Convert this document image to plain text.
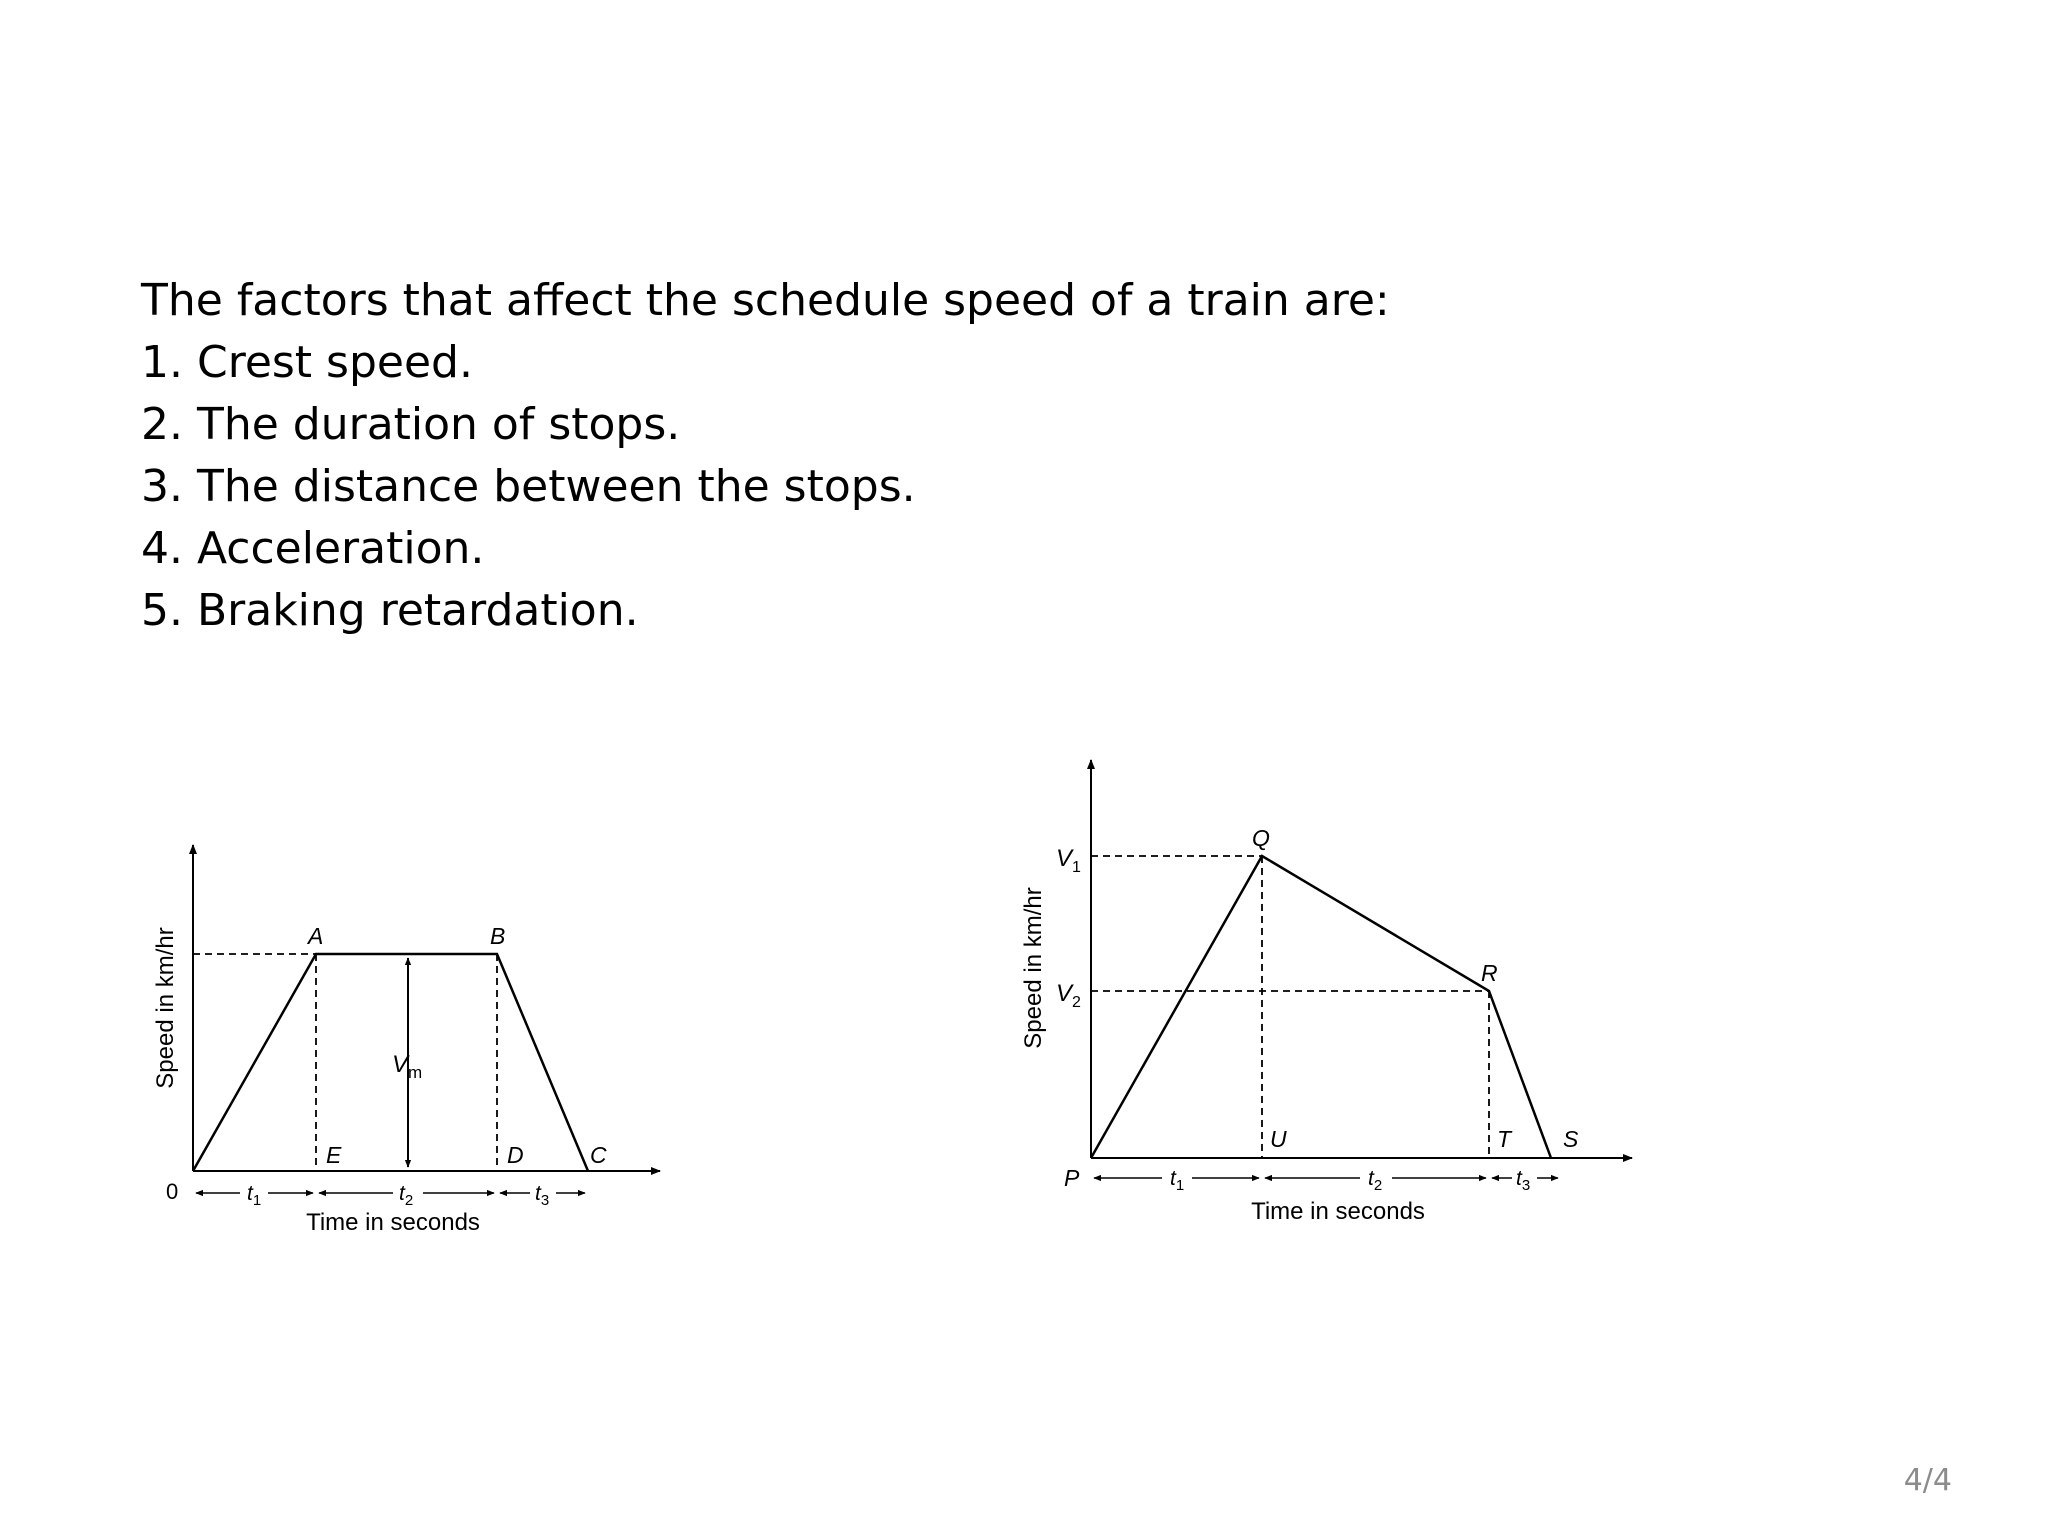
The factors that affect the schedule speed of a train are:
1. Crest speed.
2. The duration of stops.
3. The distance between the stops.
4. Acceleration.
5. Braking retardation.
$V_m$
A	B
E	D	C
0	$t_1$	$t_2$	$t_3$
Time in seconds
Speed in km/hr
$V_1$
$V_2$
Q
R
U	T S
P	$t_1$	$t_2$	$t_3$
Time in seconds
Speed in km/hr
4/4
